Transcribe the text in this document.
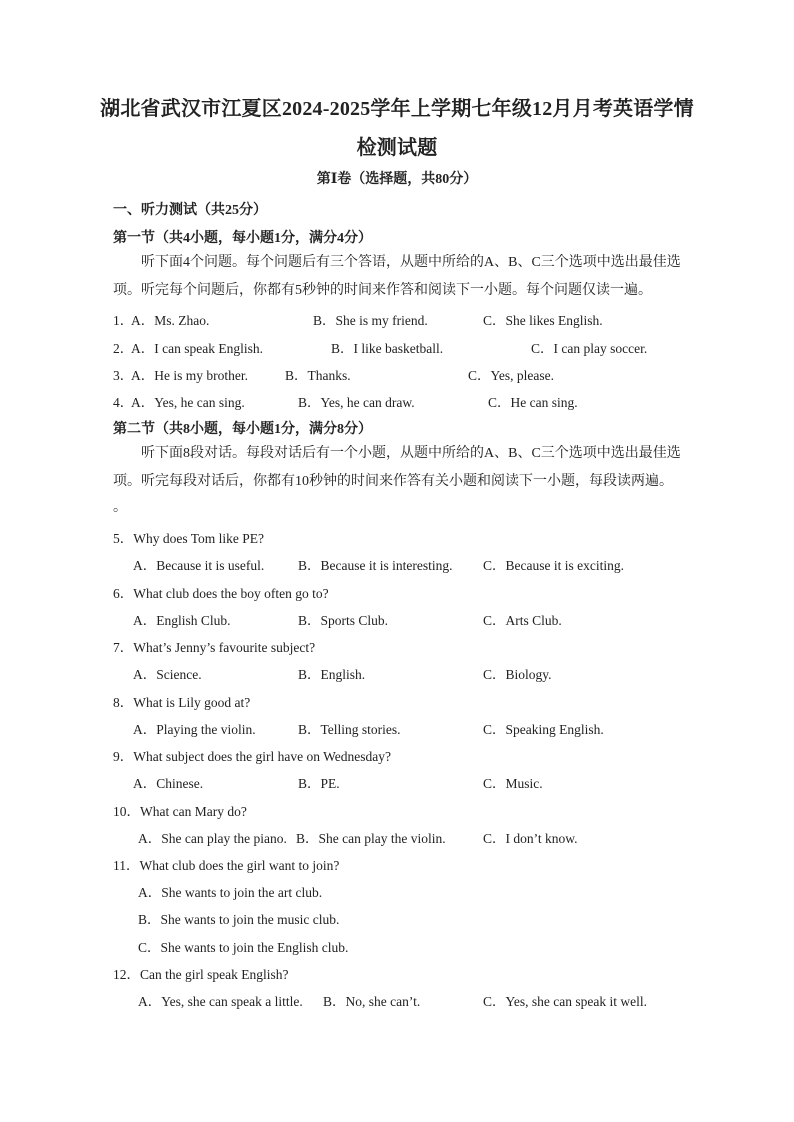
湖北省武汉市江夏区2024-2025学年上学期七年级12月月考英语学情
检测试题
第Ⅰ卷（选择题，共80分）
一、听力测试（共25分）
第一节（共4小题，每小题1分，满分4分）
听下面4个问题。每个问题后有三个答语，从题中所给的A、B、C三个选项中选出最佳选项。听完每个问题后，你都有5秒钟的时间来作答和阅读下一小题。每个问题仅读一遍。
1．
A．Ms. Zhao.	B．She is my friend.	C．She likes English.
2．
A．I can speak English.	B．I like basketball.	C．I can play soccer.
3．
A．He is my brother.	B．Thanks.	C．Yes, please.
4．
A．Yes, he can sing.	B．Yes, he can draw.	C．He can sing.
第二节（共8小题，每小题1分，满分8分）
听下面8段对话。每段对话后有一个小题，从题中所给的A、B、C三个选项中选出最佳选项。听完每段对话后，你都有10秒钟的时间来作答有关小题和阅读下一小题，每段读两遍。
。
5．Why does Tom like PE?
A．Because it is useful.	B．Because it is interesting. C．Because it is exciting.
6．What club does the boy often go to?
A．English Club.	B．Sports Club.	C．Arts Club.
7．What’s Jenny’s favourite subject?
A．Science.	B．English.	C．Biology.
8．What is Lily good at?
A．Playing the violin.	B．Telling stories.	C．Speaking English.
9．What subject does the girl have on Wednesday?
A．Chinese.	B．PE.	C．Music.
10．What can Mary do?
A．She can play the piano. B．She can play the violin.	C．I don’t know.
11．What club does the girl want to join?
A．She wants to join the art club.
B．She wants to join the music club.
C．She wants to join the English club.
12．Can the girl speak English?
A．Yes, she can speak a little. B．No, she can’t.	C．Yes, she can speak it well.
